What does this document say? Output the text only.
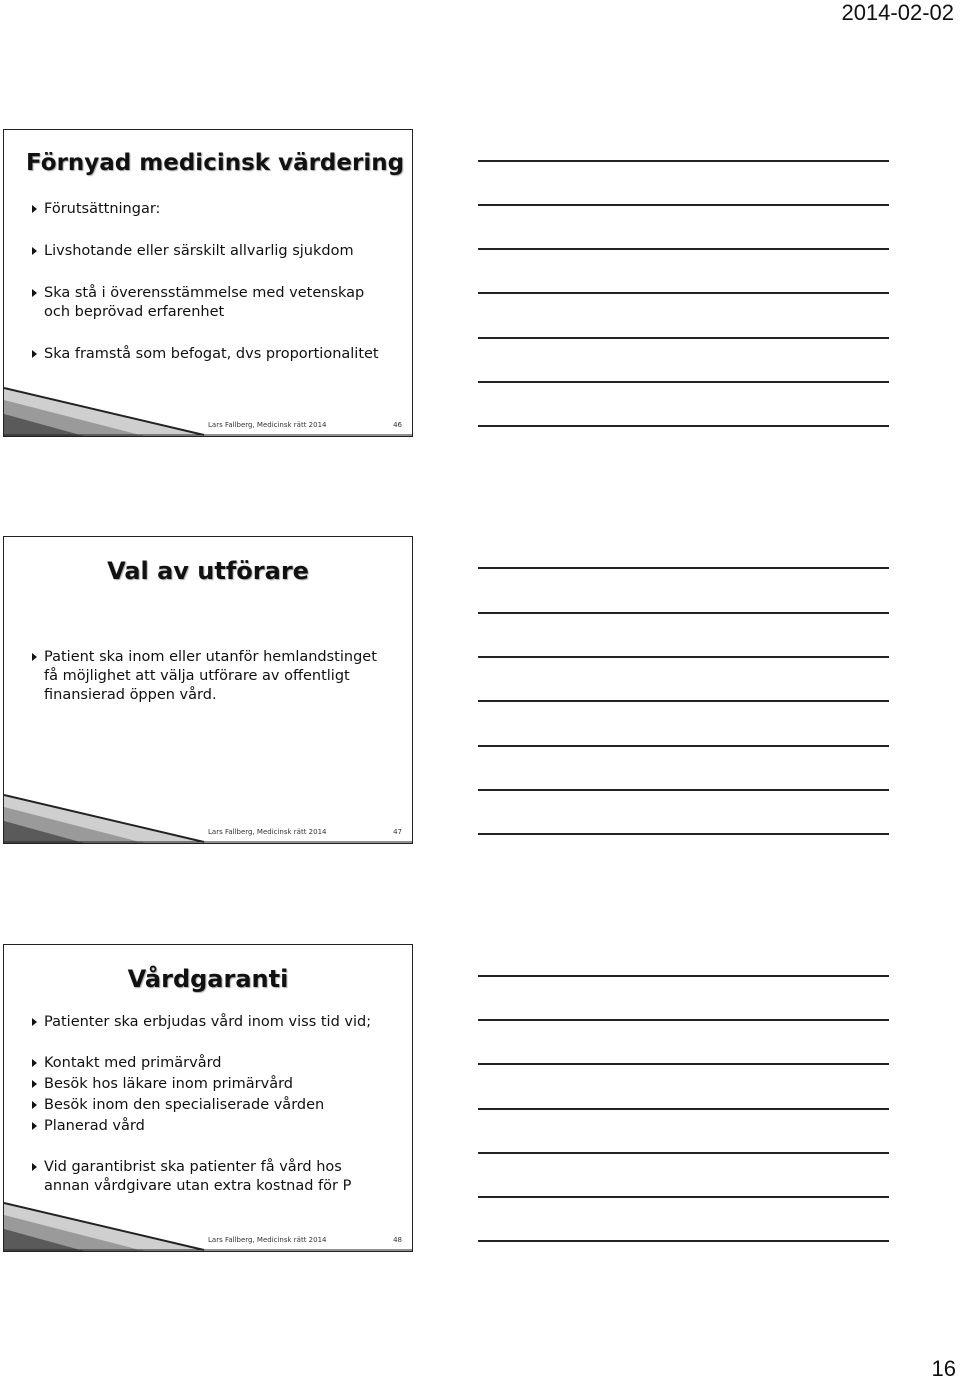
2014-02-02
Förnyad medicinsk värdering
Förutsättningar:
Livshotande eller särskilt allvarlig sjukdom
Ska stå i överensstämmelse med vetenskap och beprövad erfarenhet
Ska framstå som befogat, dvs proportionalitet
Lars Fallberg, Medicinsk rätt 2014	46
Val av utförare
Patient ska inom eller utanför hemlandstinget få möjlighet att välja utförare av offentligt finansierad öppen vård.
Lars Fallberg, Medicinsk rätt 2014	47
Vårdgaranti
Patienter ska erbjudas vård inom viss tid vid;
Kontakt med primärvård
Besök hos läkare inom primärvård
Besök inom den specialiserade vården
Planerad vård
Vid garantibrist ska patienter få vård hos annan vårdgivare utan extra kostnad för P
Lars Fallberg, Medicinsk rätt 2014	48
16
